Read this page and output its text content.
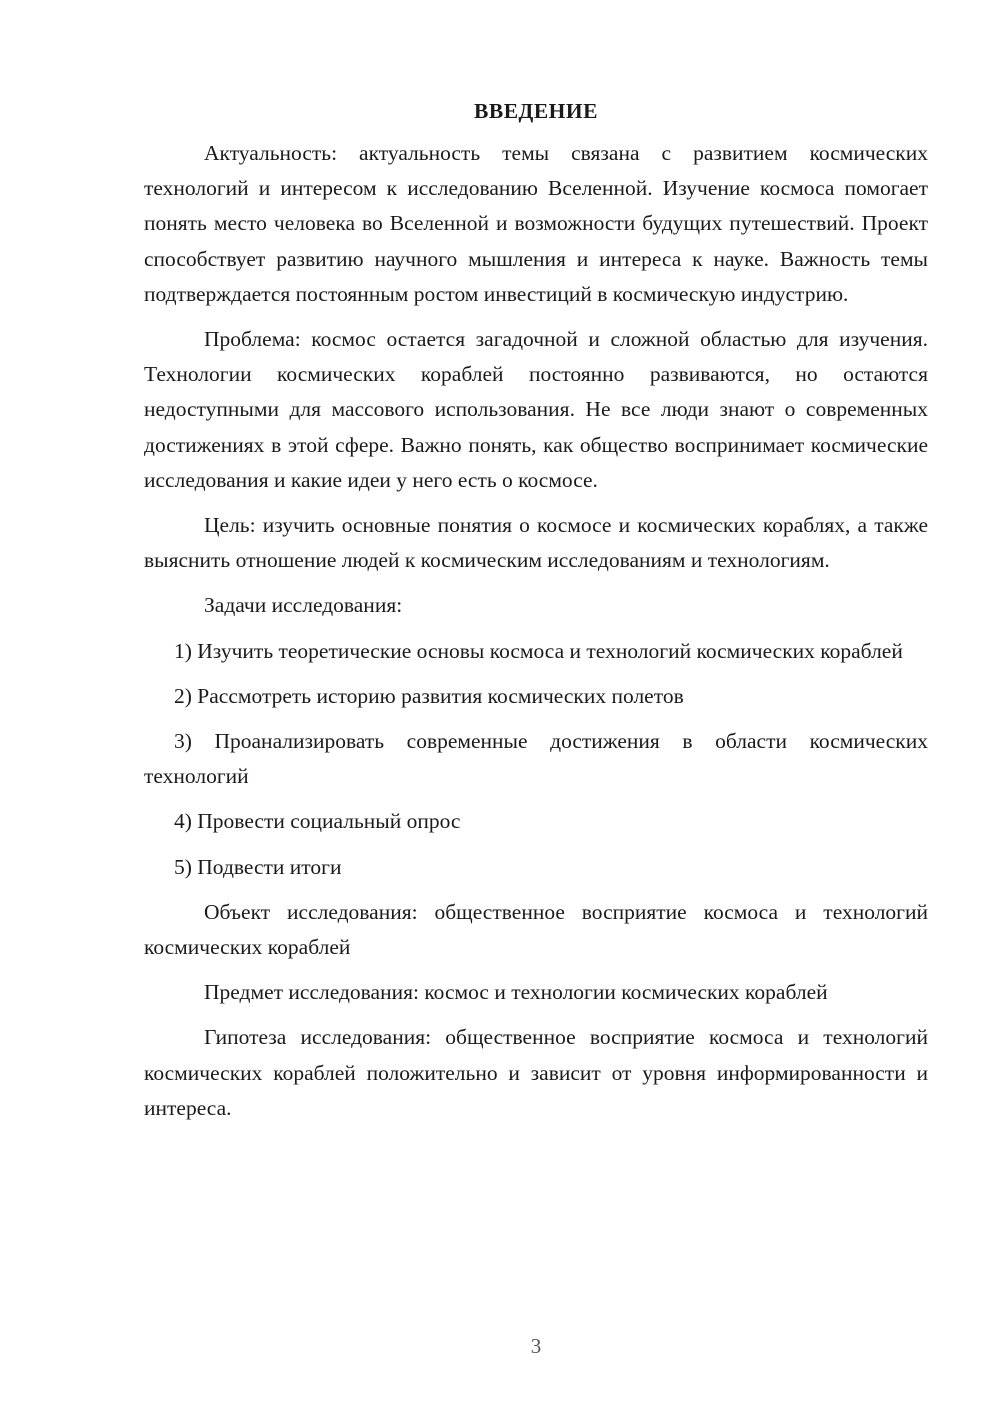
ВВЕДЕНИЕ

Актуальность: актуальность темы связана с развитием космических технологий и интересом к исследованию Вселенной. Изучение космоса помогает понять место человека во Вселенной и возможности будущих путешествий. Проект способствует развитию научного мышления и интереса к науке. Важность темы подтверждается постоянным ростом инвестиций в космическую индустрию.

Проблема: космос остается загадочной и сложной областью для изучения. Технологии космических кораблей постоянно развиваются, но остаются недоступными для массового использования. Не все люди знают о современных достижениях в этой сфере. Важно понять, как общество воспринимает космические исследования и какие идеи у него есть о космосе.

Цель: изучить основные понятия о космосе и космических кораблях, а также выяснить отношение людей к космическим исследованиям и технологиям.

Задачи исследования:

1) Изучить теоретические основы космоса и технологий космических кораблей

2) Рассмотреть историю развития космических полетов

3) Проанализировать современные достижения в области космических технологий

4) Провести социальный опрос

5) Подвести итоги

Объект исследования: общественное восприятие космоса и технологий космических кораблей

Предмет исследования: космос и технологии космических кораблей

Гипотеза исследования: общественное восприятие космоса и технологий космических кораблей положительно и зависит от уровня информированности и интереса.

3
